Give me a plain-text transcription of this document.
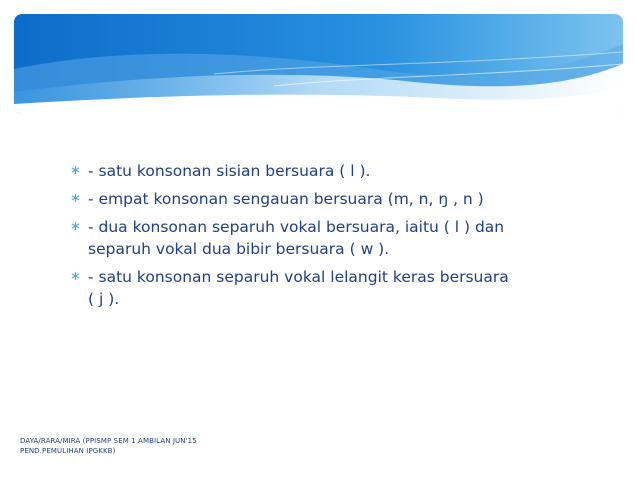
∗ - satu konsonan sisian bersuara ( l ).
∗ - empat konsonan sengauan bersuara (m, n, ŋ , n )
∗ - dua konsonan separuh vokal bersuara, iaitu ( l ) dan
separuh vokal dua bibir bersuara ( w ).
∗ - satu konsonan separuh vokal lelangit keras bersuara
( j ).
DAYA/RARA/MIRA (PPISMP SEM 1 AMBILAN JUN'15
PEND.PEMULIHAN IPGKKB)
